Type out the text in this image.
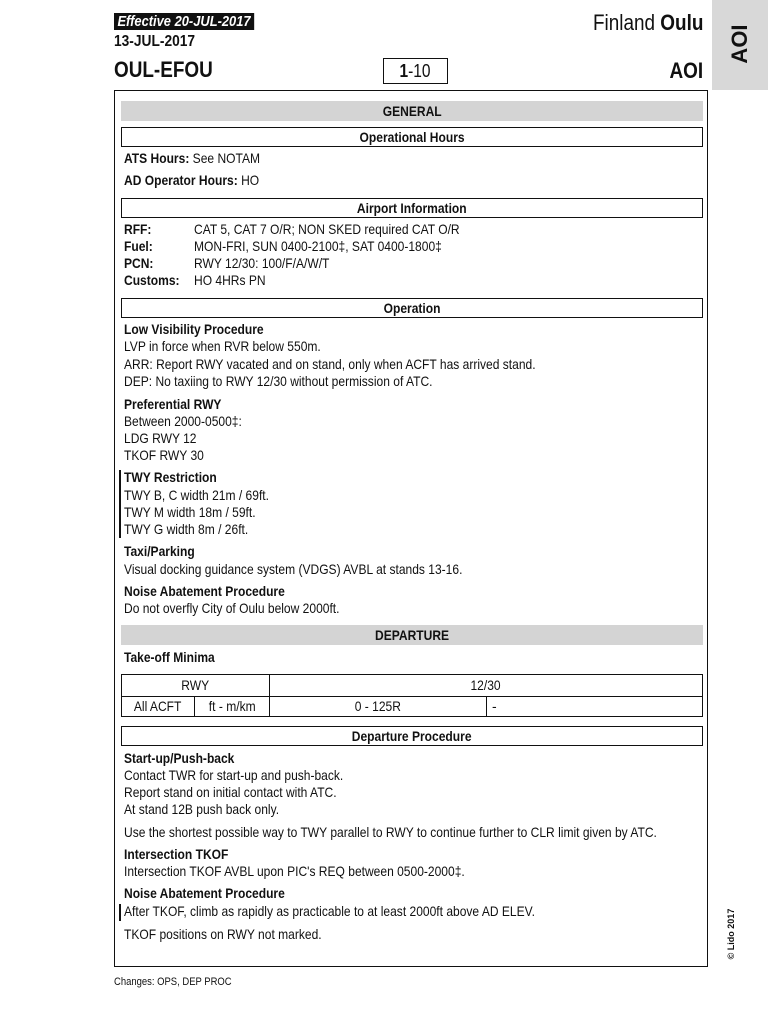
Effective 20-JUL-2017
13-JUL-2017
OUL-EFOU	1-10
Finland Oulu
AOI
AOI
GENERAL
Operational Hours
ATS Hours: See NOTAM
AD Operator Hours: HO
Airport Information
RFF:	CAT 5, CAT 7 O/R; NON SKED required CAT O/R
Fuel:	MON-FRI, SUN 0400-2100‡, SAT 0400-1800‡
PCN:	RWY 12/30: 100/F/A/W/T
Customs: HO 4HRs PN
Operation
Low Visibility Procedure
LVP in force when RVR below 550m.
ARR: Report RWY vacated and on stand, only when ACFT has arrived stand.
DEP: No taxiing to RWY 12/30 without permission of ATC.
Preferential RWY
Between 2000-0500‡:
LDG RWY 12
TKOF RWY 30
TWY Restriction
TWY B, C width 21m / 69ft.
TWY M width 18m / 59ft.
TWY G width 8m / 26ft.
Taxi/Parking
Visual docking guidance system (VDGS) AVBL at stands 13-16.
Noise Abatement Procedure
Do not overfly City of Oulu below 2000ft.
DEPARTURE
Take-off Minima
RWY	12/30
All ACFT	ft - m/km	0 - 125R	-
Departure Procedure
Start-up/Push-back
Contact TWR for start-up and push-back.
Report stand on initial contact with ATC.
At stand 12B push back only.
Use the shortest possible way to TWY parallel to RWY to continue further to CLR limit given by ATC.
Intersection TKOF
Intersection TKOF AVBL upon PIC's REQ between 0500-2000‡.
Noise Abatement Procedure
After TKOF, climb as rapidly as practicable to at least 2000ft above AD ELEV.
TKOF positions on RWY not marked.
Changes: OPS, DEP PROC
© Lido 2017
